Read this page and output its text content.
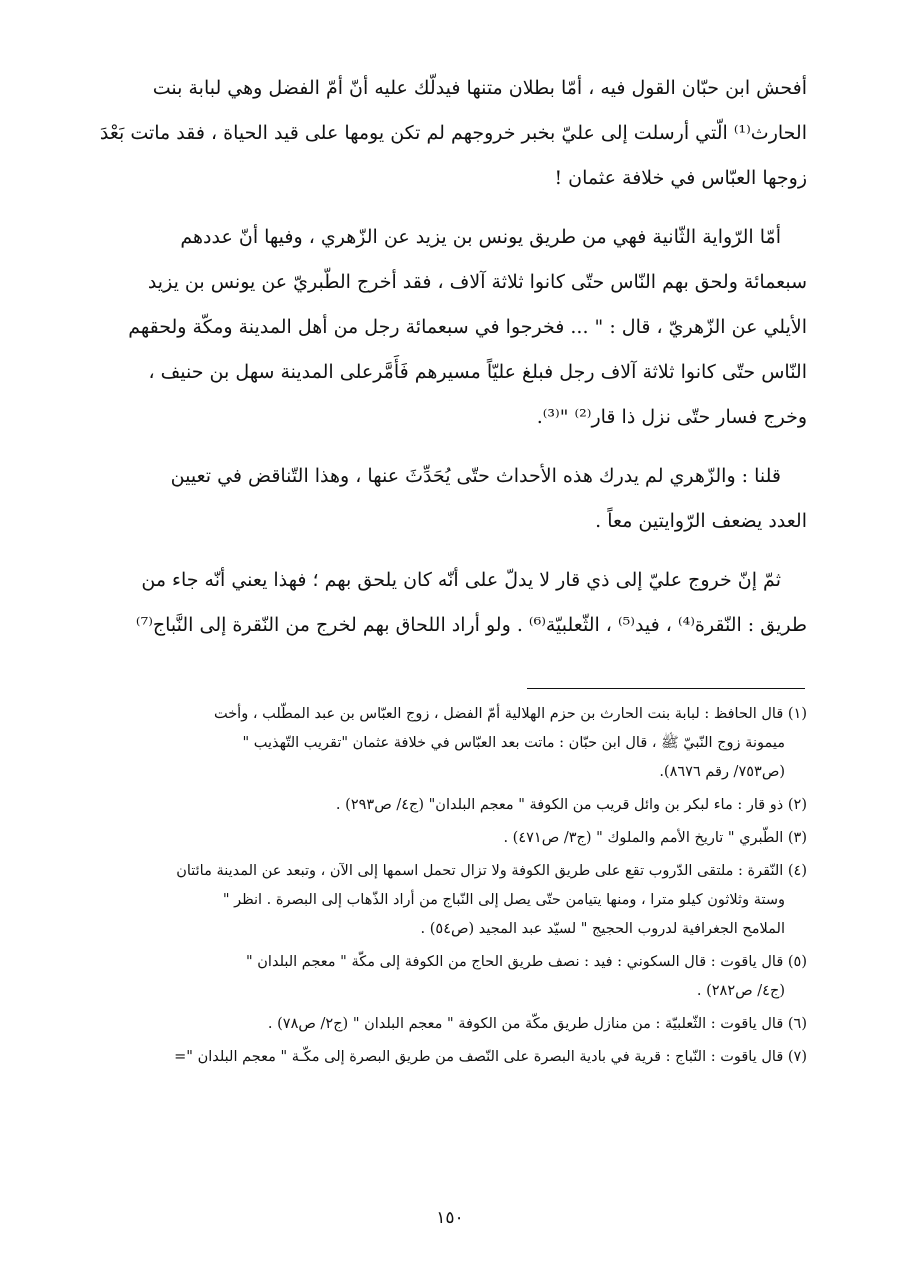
أفحش ابن حبّان القول فيه ، أمّا بطلان متنها فيدلّك عليه أنّ أمّ الفضل وهي لبابة بنت
الحارث⁽¹⁾ الّتي أرسلت إلى عليّ بخبر خروجهم لم تكن يومها على قيد الحياة ، فقد ماتت بَعْدَ
زوجها العبّاس في خلافة عثمان !

أمّا الرّواية الثّانية فهي من طريق يونس بن يزيد عن الزّهري ، وفيها أنّ عددهم
سبعمائة ولحق بهم النّاس حتّى كانوا ثلاثة آلاف ، فقد أخرج الطّبريّ عن يونس بن يزيد
الأيلي عن الزّهريّ ، قال : " ... فخرجوا في سبعمائة رجل من أهل المدينة ومكّة ولحقهم
النّاس حتّى كانوا ثلاثة آلاف رجل فبلغ عليّاً مسيرهم فَأَمَّرعلى المدينة سهل بن حنيف ،
وخرج فسار حتّى نزل ذا قار⁽²⁾ "⁽³⁾.

قلنا : والزّهري لم يدرك هذه الأحداث حتّى يُحَدِّثَ عنها ، وهذا التّناقض في تعيين
العدد يضعف الرّوايتين معاً .

ثمّ إنّ خروج عليّ إلى ذي قار لا يدلّ على أنّه كان يلحق بهم ؛ فهذا يعني أنّه جاء من
طريق : النّقرة⁽⁴⁾ ، فيد⁽⁵⁾ ، الثّعلبيّة⁽⁶⁾ . ولو أراد اللحاق بهم لخرج من النّقرة إلى النَّباج⁽⁷⁾

(١) قال الحافظ : لبابة بنت الحارث بن حزم الهلالية أمّ الفضل ، زوج العبّاس بن عبد المطّلب ، وأخت
ميمونة زوج النّبيّ ﷺ ، قال ابن حبّان : ماتت بعد العبّاس في خلافة عثمان "تقريب التّهذيب "
(ص٧٥٣/ رقم ٨٦٧٦).

(٢) ذو قار : ماء لبكر بن وائل قريب من الكوفة " معجم البلدان" (ج٤/ ص٢٩٣) .

(٣) الطّبري " تاريخ الأمم والملوك " (ج٣/ ص٤٧١) .

(٤) النّقرة : ملتقى الدّروب تقع على طريق الكوفة ولا تزال تحمل اسمها إلى الآن ، وتبعد عن المدينة مائتان
وستة وثلاثون كيلو مترا ، ومنها يتيامن حتّى يصل إلى النّباج من أراد الذّهاب إلى البصرة . انظر "
الملامح الجغرافية لدروب الحجيج " لسيّد عبد المجيد (ص٥٤) .

(٥) قال ياقوت : قال السكوني : فيد : نصف طريق الحاج من الكوفة إلى مكّة " معجم البلدان "
(ج٤/ ص٢٨٢) .

(٦) قال ياقوت : الثّعلبيّة : من منازل طريق مكّة من الكوفة " معجم البلدان " (ج٢/ ص٧٨) .

(٧) قال ياقوت : النّباج : قرية في بادية البصرة على النّصف من طريق البصرة إلى مكّـة " معجم البلدان "=

١٥٠
